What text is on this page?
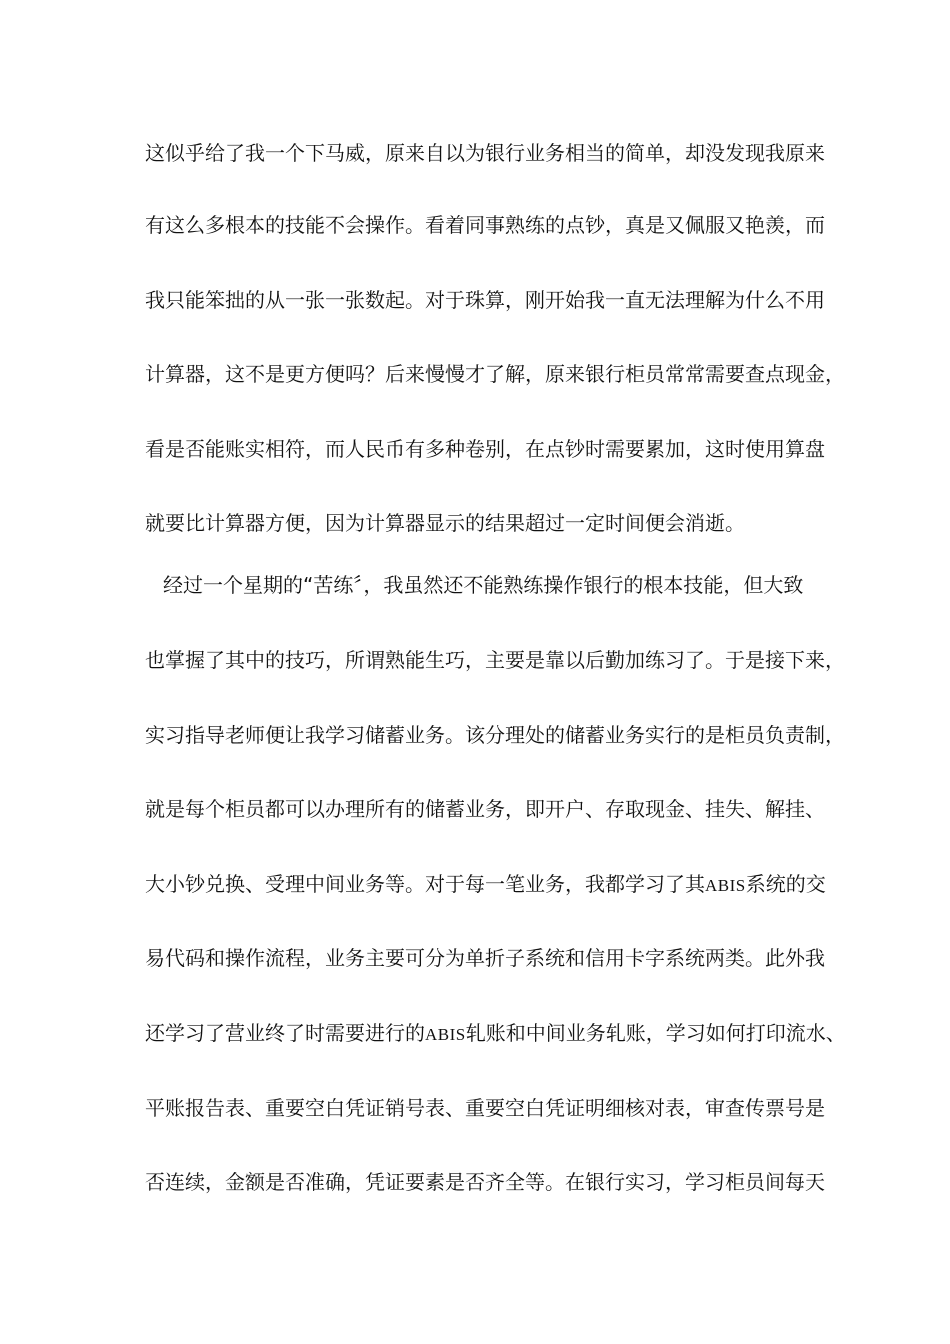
这似乎给了我一个下马威，原来自以为银行业务相当的简单，却没发现我原来
有这么多根本的技能不会操作。看着同事熟练的点钞，真是又佩服又艳羡，而
我只能笨拙的从一张一张数起。对于珠算，刚开始我一直无法理解为什么不用
计算器，这不是更方便吗？后来慢慢才了解，原来银行柜员常常需要查点现金，
看是否能账实相符，而人民币有多种卷别，在点钞时需要累加，这时使用算盘
就要比计算器方便，因为计算器显示的结果超过一定时间便会消逝。
经过一个星期的“苦练〞，我虽然还不能熟练操作银行的根本技能，但大致
也掌握了其中的技巧，所谓熟能生巧，主要是靠以后勤加练习了。于是接下来，
实习指导老师便让我学习储蓄业务。该分理处的储蓄业务实行的是柜员负责制，
就是每个柜员都可以办理所有的储蓄业务，即开户、存取现金、挂失、解挂、
大小钞兑换、受理中间业务等。对于每一笔业务，我都学习了其ABIS系统的交
易代码和操作流程，业务主要可分为单折子系统和信用卡字系统两类。此外我
还学习了营业终了时需要进行的ABIS轧账和中间业务轧账，学习如何打印流水、
平账报告表、重要空白凭证销号表、重要空白凭证明细核对表，审查传票号是
否连续，金额是否准确，凭证要素是否齐全等。在银行实习，学习柜员间每天
